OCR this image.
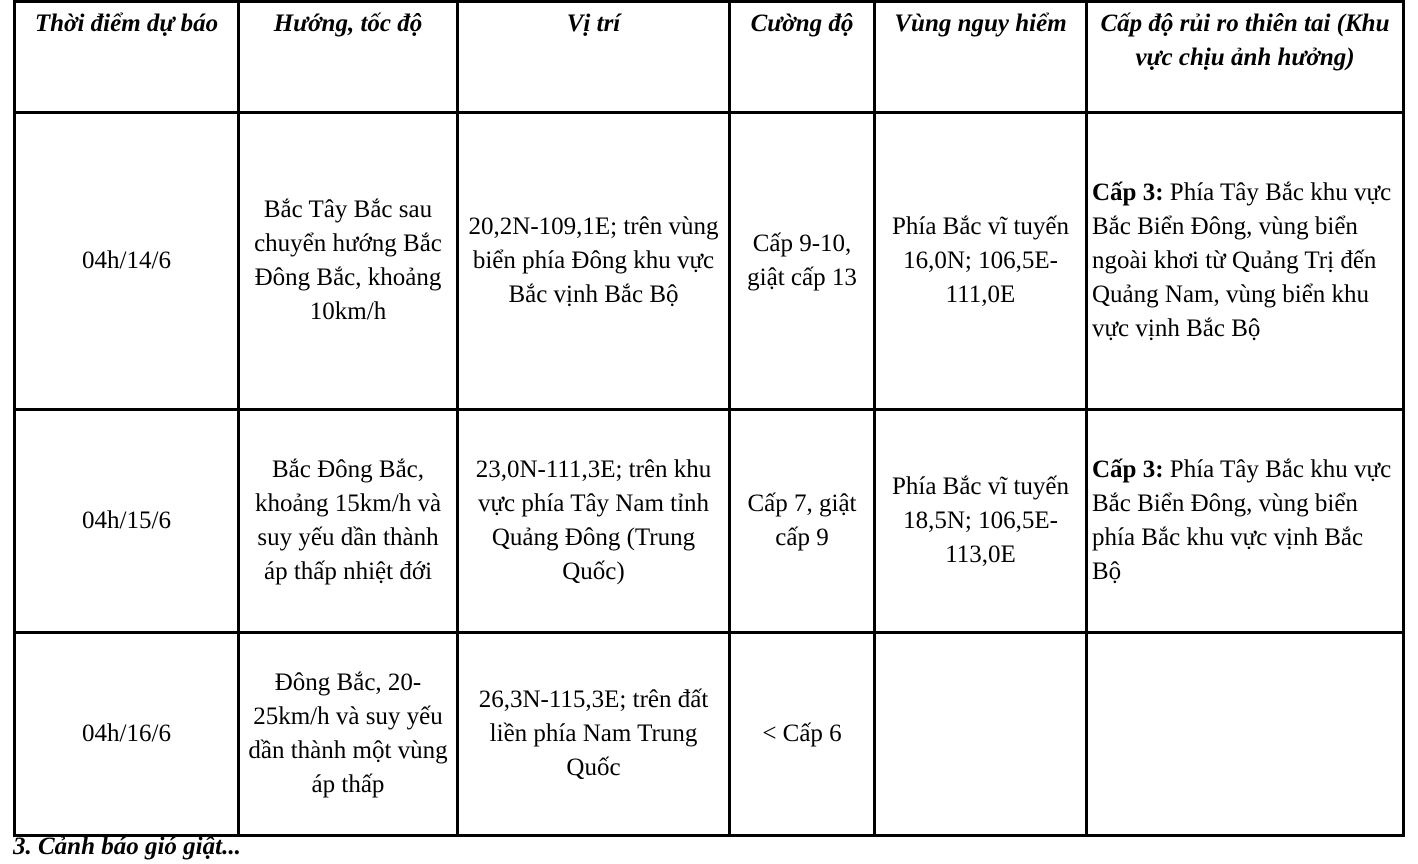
Thời điểm dự báo	Hướng, tốc độ	Vị trí	Cường độ	Vùng nguy hiểm	Cấp độ rủi ro thiên tai (Khu vực chịu ảnh hưởng)
04h/14/6	Bắc Tây Bắc sau chuyển hướng Bắc Đông Bắc, khoảng 10km/h	20,2N-109,1E; trên vùng biển phía Đông khu vực Bắc vịnh Bắc Bộ	Cấp 9-10, giật cấp 13	Phía Bắc vĩ tuyến 16,0N; 106,5E-111,0E	Cấp 3: Phía Tây Bắc khu vực Bắc Biển Đông, vùng biển ngoài khơi từ Quảng Trị đến Quảng Nam, vùng biển khu vực vịnh Bắc Bộ
04h/15/6	Bắc Đông Bắc, khoảng 15km/h và suy yếu dần thành áp thấp nhiệt đới	23,0N-111,3E; trên khu vực phía Tây Nam tỉnh Quảng Đông (Trung Quốc)	Cấp 7, giật cấp 9	Phía Bắc vĩ tuyến 18,5N; 106,5E-113,0E	Cấp 3: Phía Tây Bắc khu vực Bắc Biển Đông, vùng biển phía Bắc khu vực vịnh Bắc Bộ
04h/16/6	Đông Bắc, 20-25km/h và suy yếu dần thành một vùng áp thấp	26,3N-115,3E; trên đất liền phía Nam Trung Quốc	< Cấp 6		
3. Cảnh báo gió giật...
